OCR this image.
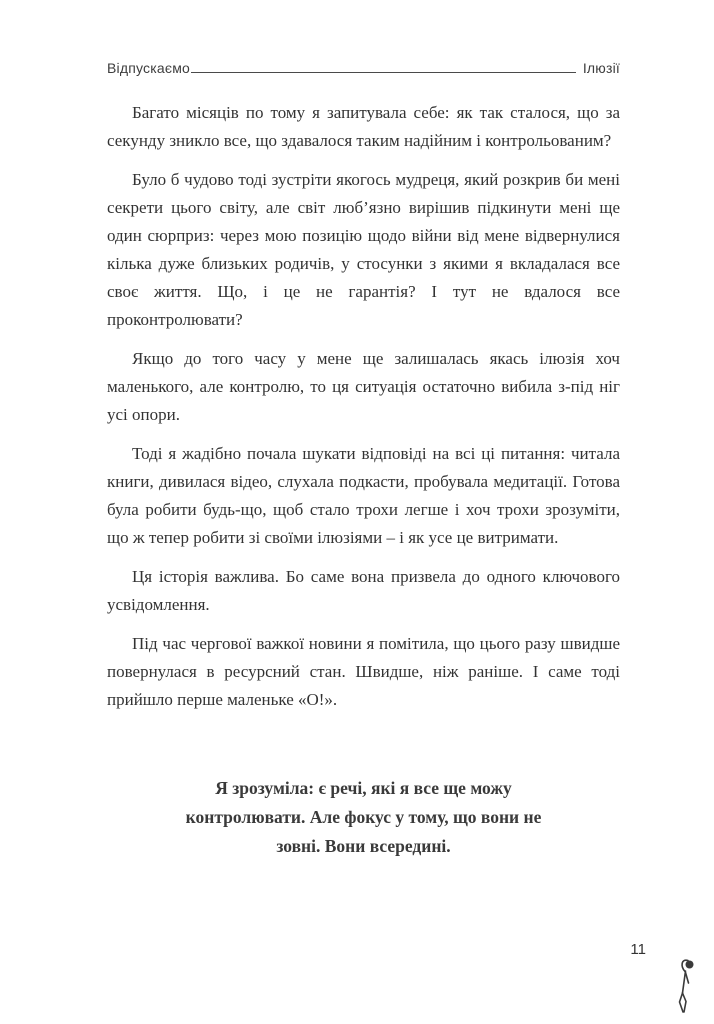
Відпускаємо	Ілюзії

Багато місяців по тому я запитувала себе: як так сталося, що за секунду зникло все, що здавалося таким надійним і контрольованим?

Було б чудово тоді зустріти якогось мудреця, який розкрив би мені секрети цього світу, але світ люб’язно вирішив підкинути мені ще один сюрприз: через мою позицію щодо війни від мене відвернулися кілька дуже близьких родичів, у стосунки з якими я вкладалася все своє життя. Що, і це не гарантія? І тут не вдалося все проконтролювати?

Якщо до того часу у мене ще залишалась якась ілюзія хоч маленького, але контролю, то ця ситуація остаточно вибила з-під ніг усі опори.

Тоді я жадібно почала шукати відповіді на всі ці питання: читала книги, дивилася відео, слухала подкасти, пробувала медитації. Готова була робити будь-що, щоб стало трохи легше і хоч трохи зрозуміти, що ж тепер робити зі своїми ілюзіями – і як усе це витримати.

Ця історія важлива. Бо саме вона призвела до одного ключового усвідомлення.

Під час чергової важкої новини я помітила, що цього разу швидше повернулася в ресурсний стан. Швидше, ніж раніше. І саме тоді прийшло перше маленьке «О!».

Я зрозуміла: є речі, які я все ще можу контролювати. Але фокус у тому, що вони не зовні. Вони всередині.
11
